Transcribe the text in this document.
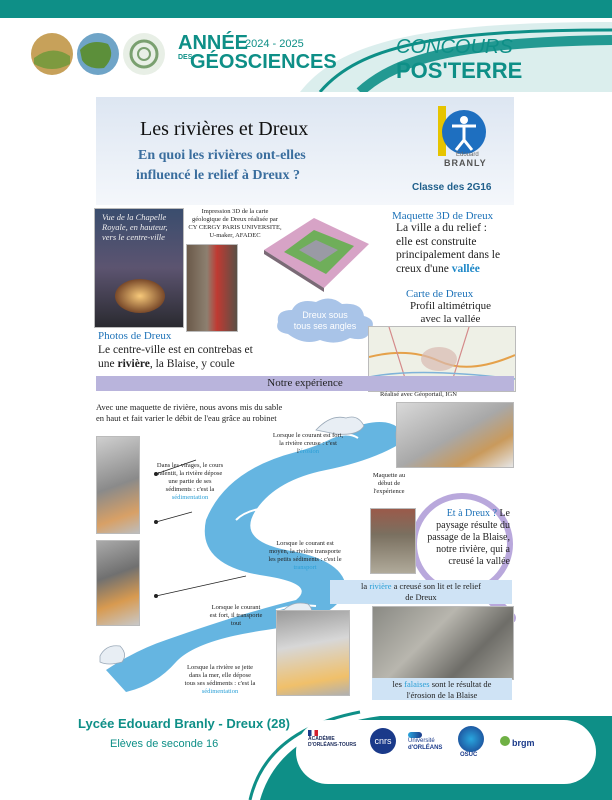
ANNÉE
DES
GÉOSCIENCES
2024 - 2025	CONCOURS
POS'TERRE
Les rivières et Dreux
En quoi les rivières ont-elles
influencé le relief à Dreux ?
Edouard
BRANLY
Classe des 2G16
Vue de la Chapelle
Royale, en hauteur,
vers le centre-ville
Impression 3D de la carte
géologique de Dreux réalisée par
CY CERGY PARIS UNIVERSITE,
U-maker, AFADEC
Maquette 3D de Dreux
La ville a du relief :
elle est construite
principalement dans le
creux d'une vallée
Dreux sous
tous ses angles
Carte de Dreux
Profil altimétrique
avec la vallée
Réalisé avec Géoportail, IGN
Photos de Dreux
Le centre-ville est en contrebas et
une rivière, la Blaise, y coule
Notre expérience
Avec une maquette de rivière, nous avons mis du sable
en haut et fait varier le débit de l'eau grâce au robinet
Lorsque le courant est fort,
la rivière creuse : c'est
l'érosion
Dans les virages, le cours
ralentit, la rivière dépose
une partie de ses
sédiments : c'est la
sédimentation
Maquette au
début de
l'expérience
Lorsque le courant est
moyen, la rivière transporte
les petits sédiments : c'est le
transport
Lorsque le courant
est fort, il transporte
tout
Lorsque la rivière se jette
dans la mer, elle dépose
tous ses sédiments : c'est la
sédimentation
Et à Dreux ? Le
paysage résulte du
passage de la Blaise,
notre rivière, qui a
creusé la vallée
la rivière a creusé son lit et le relief
de Dreux
les falaises sont le résultat de
l'érosion de la Blaise
Lycée Edouard Branly - Dreux (28)
Elèves de seconde 16	ACADÉMIE
D'ORLÉANS-TOURS	cnrs	Université
d'ORLÉANS
OSUC
brgm
